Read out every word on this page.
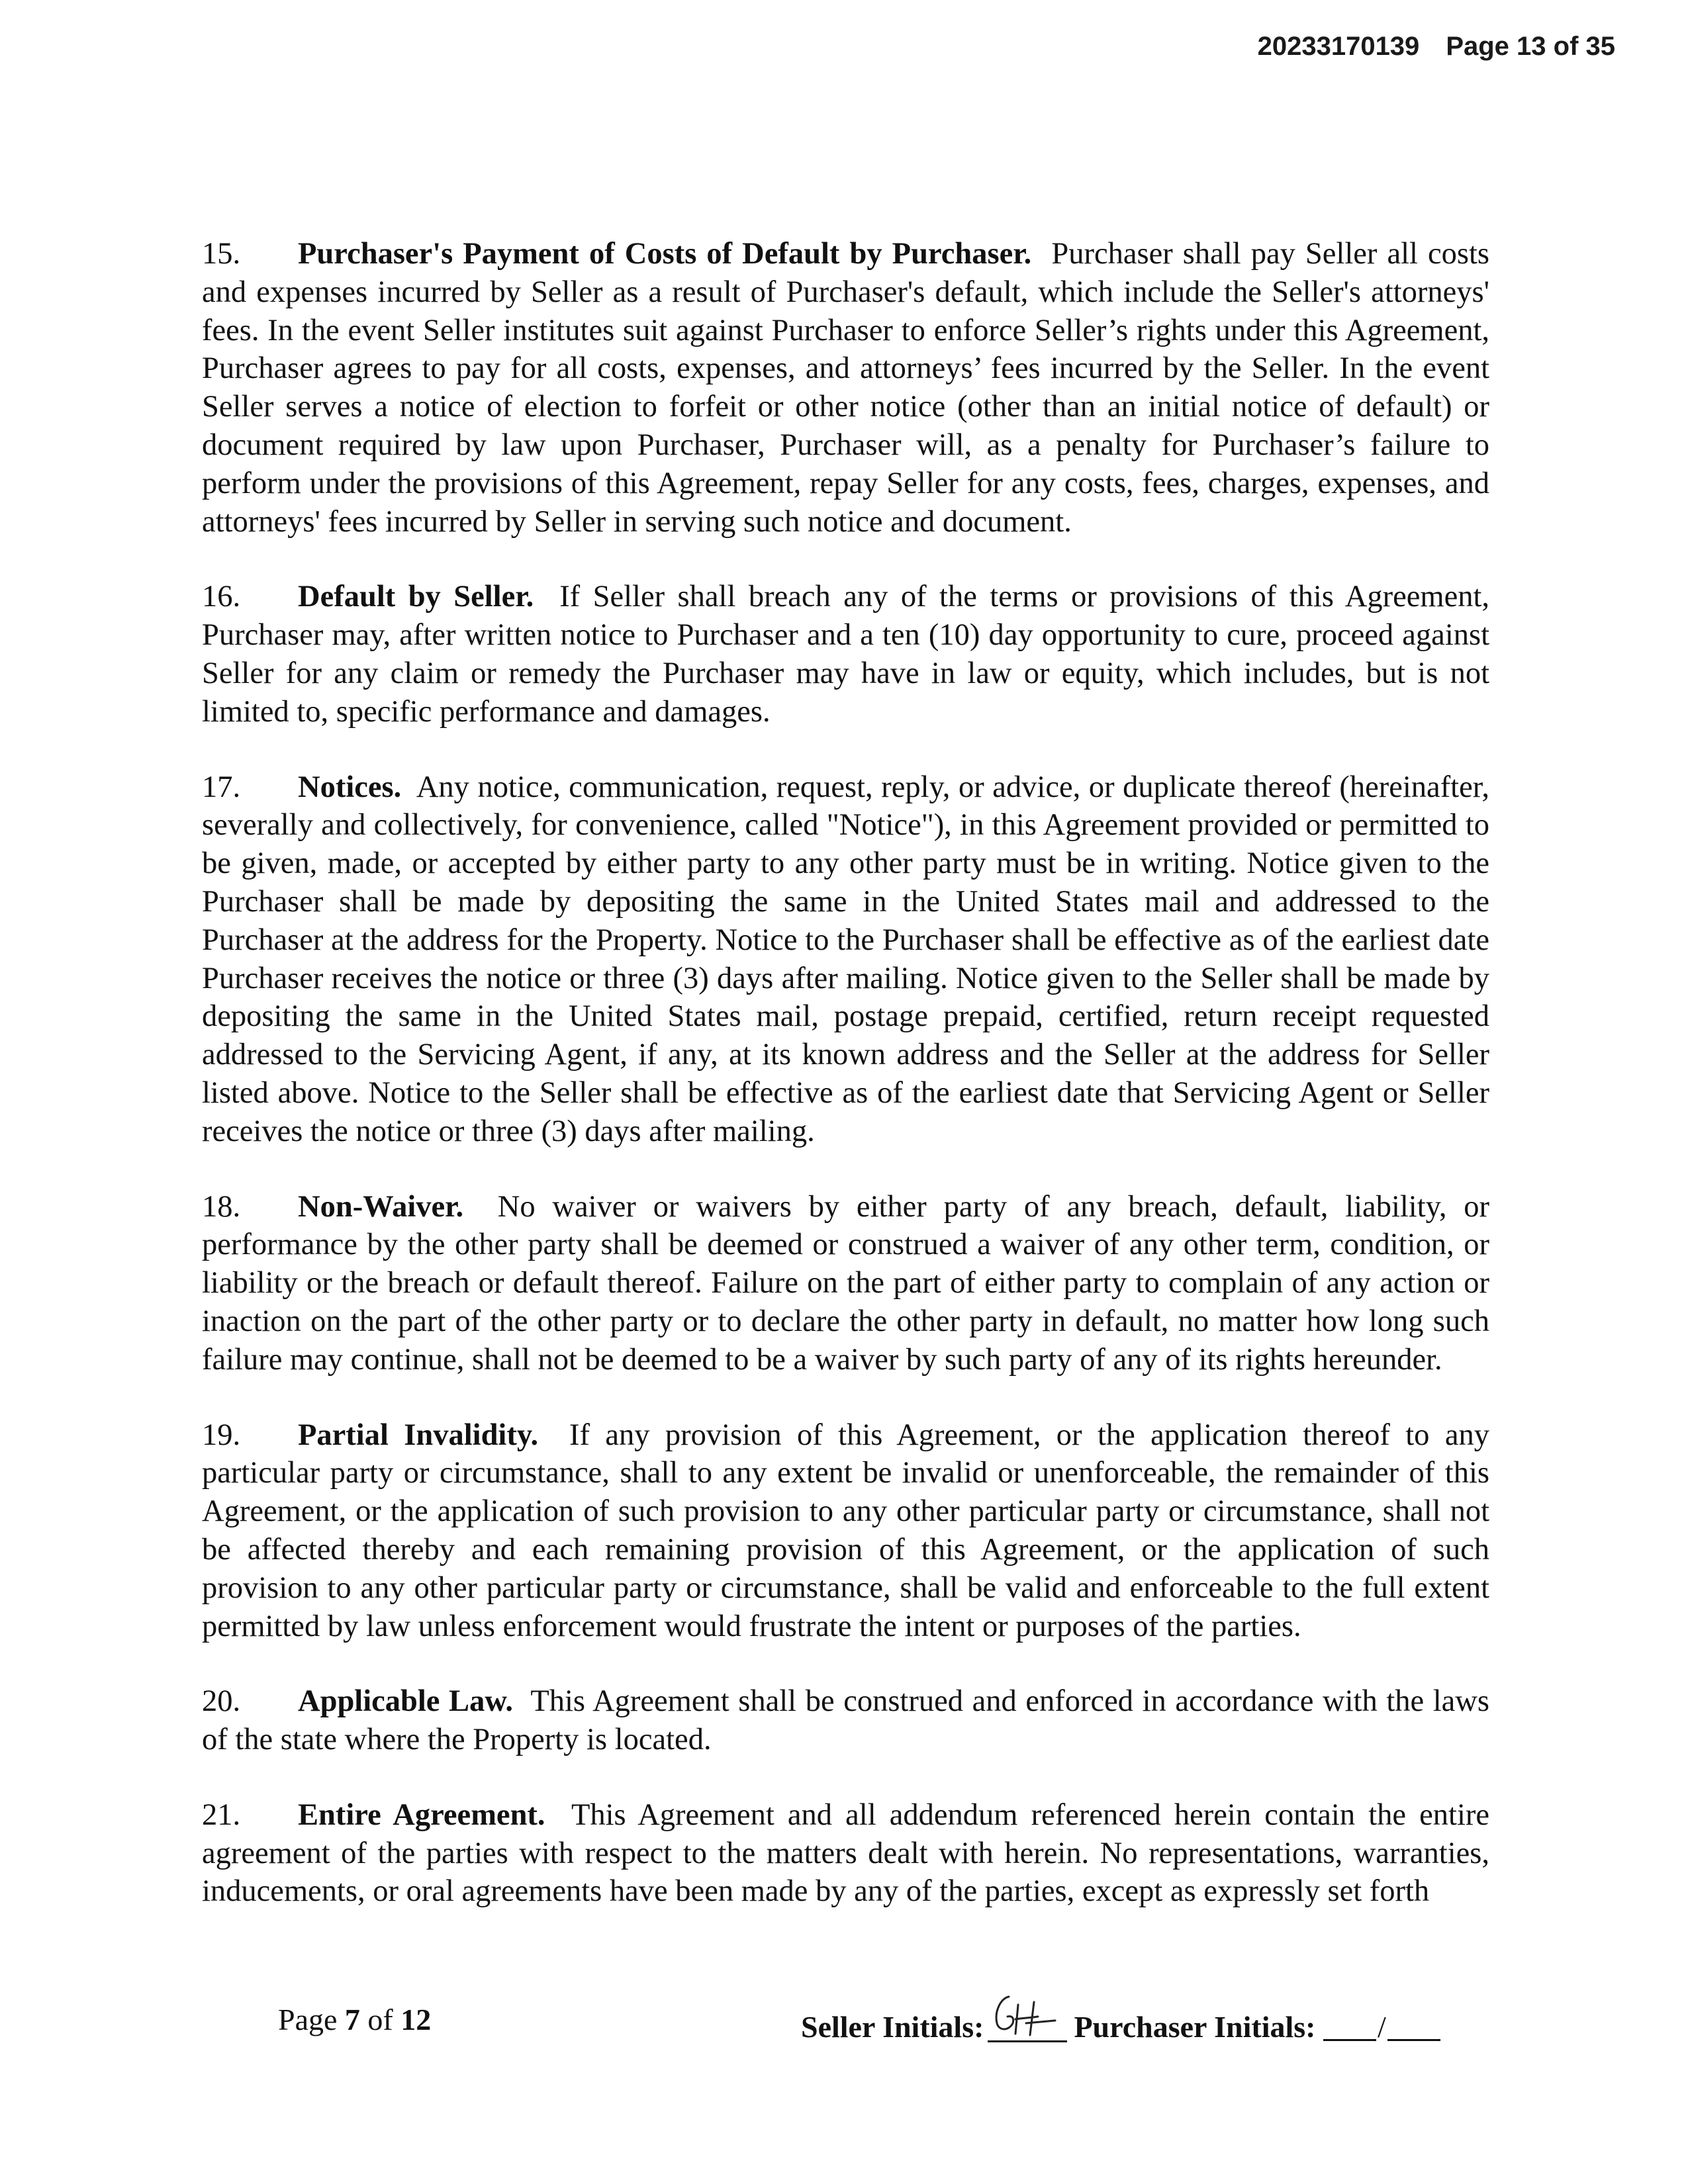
20233170139 Page 13 of 35

15. Purchaser's Payment of Costs of Default by Purchaser. Purchaser shall pay Seller all costs and expenses incurred by Seller as a result of Purchaser's default, which include the Seller's attorneys' fees. In the event Seller institutes suit against Purchaser to enforce Seller’s rights under this Agreement, Purchaser agrees to pay for all costs, expenses, and attorneys’ fees incurred by the Seller. In the event Seller serves a notice of election to forfeit or other notice (other than an initial notice of default) or document required by law upon Purchaser, Purchaser will, as a penalty for Purchaser’s failure to perform under the provisions of this Agreement, repay Seller for any costs, fees, charges, expenses, and attorneys' fees incurred by Seller in serving such notice and document.

16. Default by Seller. If Seller shall breach any of the terms or provisions of this Agreement, Purchaser may, after written notice to Purchaser and a ten (10) day opportunity to cure, proceed against Seller for any claim or remedy the Purchaser may have in law or equity, which includes, but is not limited to, specific performance and damages.

17. Notices. Any notice, communication, request, reply, or advice, or duplicate thereof (hereinafter, severally and collectively, for convenience, called "Notice"), in this Agreement provided or permitted to be given, made, or accepted by either party to any other party must be in writing. Notice given to the Purchaser shall be made by depositing the same in the United States mail and addressed to the Purchaser at the address for the Property. Notice to the Purchaser shall be effective as of the earliest date Purchaser receives the notice or three (3) days after mailing. Notice given to the Seller shall be made by depositing the same in the United States mail, postage prepaid, certified, return receipt requested addressed to the Servicing Agent, if any, at its known address and the Seller at the address for Seller listed above. Notice to the Seller shall be effective as of the earliest date that Servicing Agent or Seller receives the notice or three (3) days after mailing.

18. Non-Waiver. No waiver or waivers by either party of any breach, default, liability, or performance by the other party shall be deemed or construed a waiver of any other term, condition, or liability or the breach or default thereof. Failure on the part of either party to complain of any action or inaction on the part of the other party or to declare the other party in default, no matter how long such failure may continue, shall not be deemed to be a waiver by such party of any of its rights hereunder.

19. Partial Invalidity. If any provision of this Agreement, or the application thereof to any particular party or circumstance, shall to any extent be invalid or unenforceable, the remainder of this Agreement, or the application of such provision to any other particular party or circumstance, shall not be affected thereby and each remaining provision of this Agreement, or the application of such provision to any other particular party or circumstance, shall be valid and enforceable to the full extent permitted by law unless enforcement would frustrate the intent or purposes of the parties.

20. Applicable Law. This Agreement shall be construed and enforced in accordance with the laws of the state where the Property is located.

21. Entire Agreement. This Agreement and all addendum referenced herein contain the entire agreement of the parties with respect to the matters dealt with herein. No representations, warranties, inducements, or oral agreements have been made by any of the parties, except as expressly set forth

Page 7 of 12	Seller Initials:	Purchaser Initials: /
